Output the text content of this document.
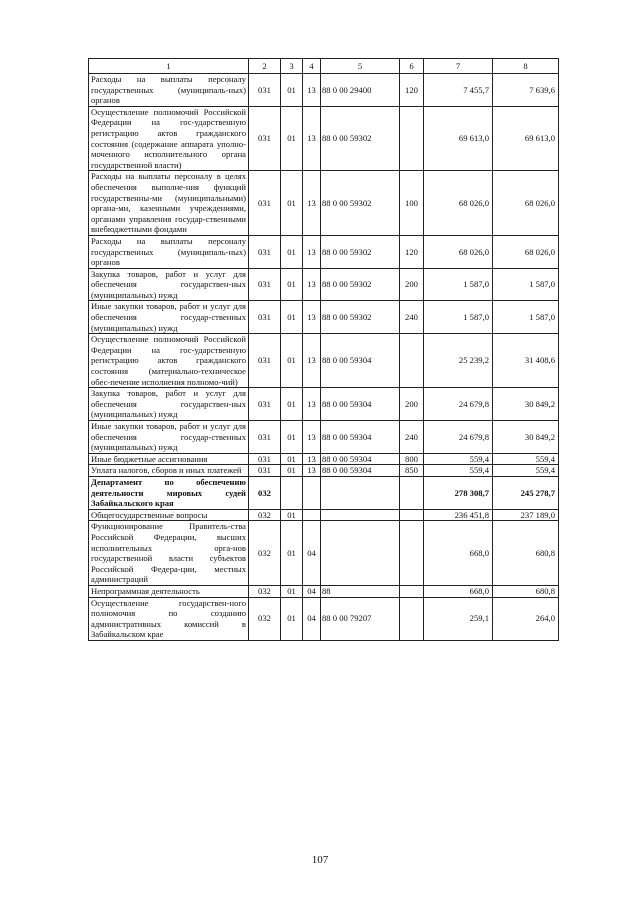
1	2	3	4	5	6	7	8
Расходы на выплаты персоналу государственных (муниципаль-ных) органов	031	01	13	88 0 00 29400	120	7 455,7	7 639,6
Осуществление полномочий Российской Федерации на гос-ударственную регистрацию актов гражданского состояния (содержание аппарата уполно-моченного исполнительного органа государственной власти)	031	01	13	88 0 00 59302		69 613,0	69 613,0
Расходы на выплаты персоналу в целях обеспечения выполне-ния функций государственны-ми (муниципальными) органа-ми, казенными учреждениями, органами управления государ-ственными внебюджетными фондами	031	01	13	88 0 00 59302	100	68 026,0	68 026,0
Расходы на выплаты персоналу государственных (муниципаль-ных) органов	031	01	13	88 0 00 59302	120	68 026,0	68 026,0
Закупка товаров, работ и услуг для обеспечения государствен-ных (муниципальных) нужд	031	01	13	88 0 00 59302	200	1 587,0	1 587,0
Иные закупки товаров, работ и услуг для обеспечения государ-ственных (муниципальных) нужд	031	01	13	88 0 00 59302	240	1 587,0	1 587,0
Осуществление полномочий Российской Федерации на гос-ударственную регистрацию актов гражданского состояния (материально-техническое обес-печение исполнения полномо-чий)	031	01	13	88 0 00 59304		25 239,2	31 408,6
Закупка товаров, работ и услуг для обеспечения государствен-ных (муниципальных) нужд	031	01	13	88 0 00 59304	200	24 679,8	30 849,2
Иные закупки товаров, работ и услуг для обеспечения государ-ственных (муниципальных) нужд	031	01	13	88 0 00 59304	240	24 679,8	30 849,2
Иные бюджетные ассигнования	031	01	13	88 0 00 59304	800	559,4	559,4
Уплата налогов, сборов и иных платежей	031	01	13	88 0 00 59304	850	559,4	559,4
Департамент по обеспечению деятельности мировых судей Забайкальского края	032					278 308,7	245 278,7
Общегосударственные вопросы	032	01				236 451,8	237 189,0
Функционирование Правитель-ства Российской Федерации, высших исполнительных орга-нов государственной власти субъектов Российской Федера-ции, местных администраций	032	01	04			668,0	680,8
Непрограммная деятельность	032	01	04	88		668,0	680,8
Осуществление государствен-ного полномочия по созданию административных комиссий в Забайкальском крае	032	01	04	88 0 00 79207		259,1	264,0
107
